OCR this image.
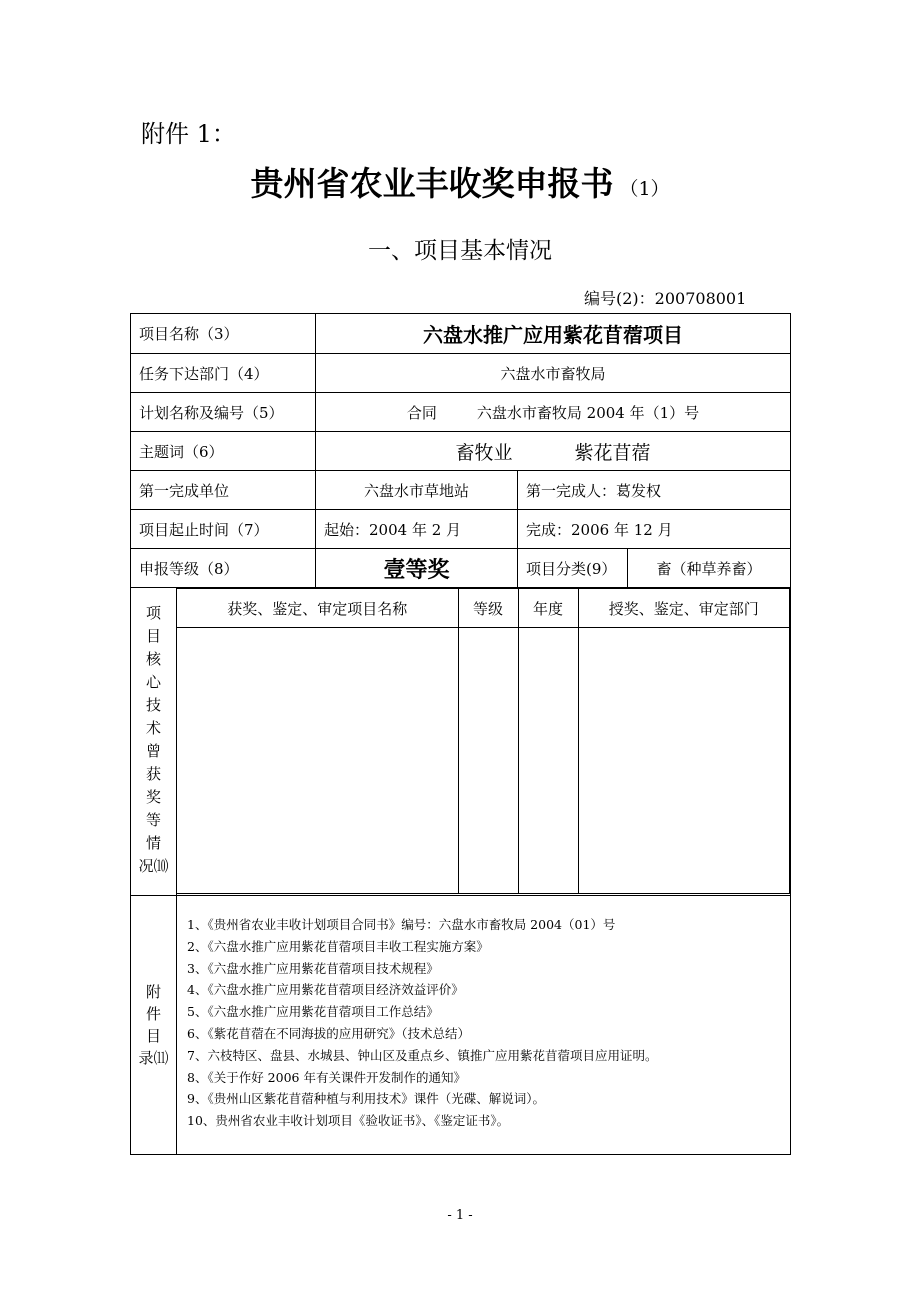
附件 1：
贵州省农业丰收奖申报书 （1）
一、项目基本情况
编号(2)：200708001
项目名称（3）	六盘水推广应用紫花苜蓿项目
任务下达部门（4）	六盘水市畜牧局
计划名称及编号（5）	合同	六盘水市畜牧局 2004 年（1）号
主题词（6）	畜牧业	紫花苜蓿
第一完成单位	六盘水市草地站	第一完成人：葛发权
项目起止时间（7）	起始：2004 年 2 月	完成：2006 年 12 月
申报等级（8）	壹等奖	项目分类(9）	畜（种草养畜）

项
目
核
心
技
术
曾
获
奖
等
情
况⑽

获奖、鉴定、审定项目名称	等级	年度	授奖、鉴定、审定部门

附
件
目
录⑾

1、《贵州省农业丰收计划项目合同书》编号：六盘水市畜牧局 2004（01）号
2、《六盘水推广应用紫花苜蓿项目丰收工程实施方案》
3、《六盘水推广应用紫花苜蓿项目技术规程》
4、《六盘水推广应用紫花苜蓿项目经济效益评价》
5、《六盘水推广应用紫花苜蓿项目工作总结》
6、《紫花苜蓿在不同海拔的应用研究》（技术总结）
7、六枝特区、盘县、水城县、钟山区及重点乡、镇推广应用紫花苜蓿项目应用证明。
8、《关于作好 2006 年有关课件开发制作的通知》
9、《贵州山区紫花苜蓿种植与利用技术》课件（光碟、解说词）。
10、贵州省农业丰收计划项目《验收证书》、《鉴定证书》。
- 1 -
